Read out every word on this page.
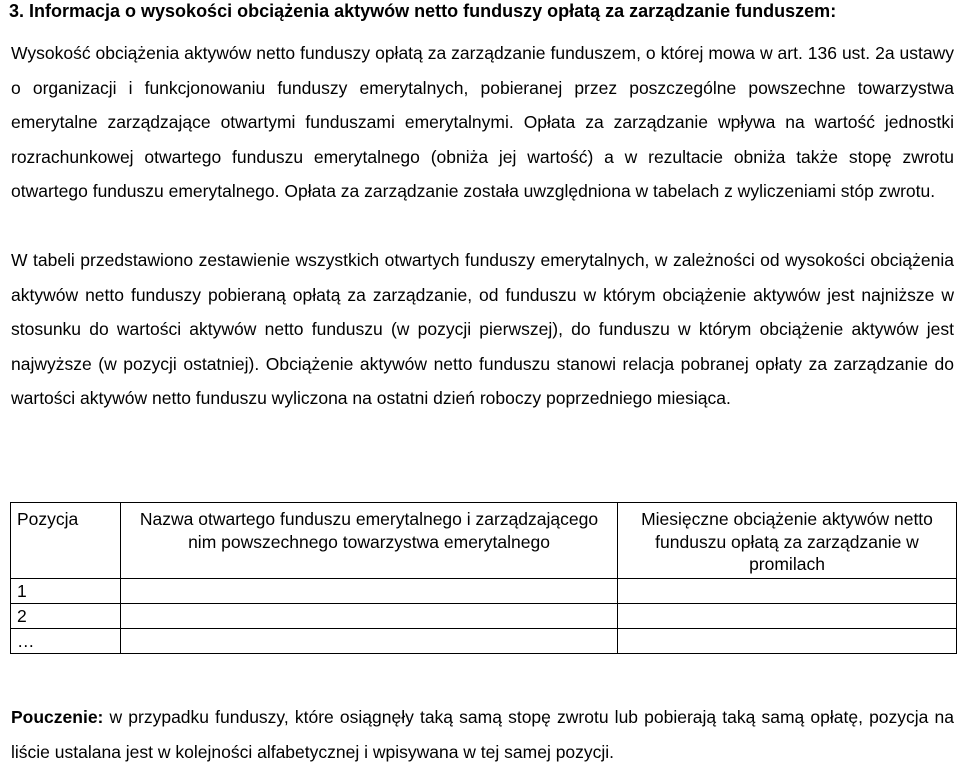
3. Informacja o wysokości obciążenia aktywów netto funduszy opłatą za zarządzanie funduszem:
Wysokość obciążenia aktywów netto funduszy opłatą za zarządzanie funduszem, o której mowa w art. 136 ust. 2a ustawy o organizacji i funkcjonowaniu funduszy emerytalnych, pobieranej przez poszczególne powszechne towarzystwa emerytalne zarządzające otwartymi funduszami emerytalnymi. Opłata za zarządzanie wpływa na wartość jednostki rozrachunkowej otwartego funduszu emerytalnego (obniża jej wartość) a w rezultacie obniża także stopę zwrotu otwartego funduszu emerytalnego. Opłata za zarządzanie została uwzględniona w tabelach z wyliczeniami stóp zwrotu.
W tabeli przedstawiono zestawienie wszystkich otwartych funduszy emerytalnych, w zależności od wysokości obciążenia aktywów netto funduszy pobieraną opłatą za zarządzanie, od funduszu w którym obciążenie aktywów jest najniższe w stosunku do wartości aktywów netto funduszu (w pozycji pierwszej), do funduszu w którym obciążenie aktywów jest najwyższe (w pozycji ostatniej). Obciążenie aktywów netto funduszu stanowi relacja pobranej opłaty za zarządzanie do wartości aktywów netto funduszu wyliczona na ostatni dzień roboczy poprzedniego miesiąca.
Pozycja	Nazwa otwartego funduszu emerytalnego i zarządzającego nim powszechnego towarzystwa emerytalnego	Miesięczne obciążenie aktywów netto funduszu opłatą za zarządzanie w promilach
1		
2		
…		
Pouczenie: w przypadku funduszy, które osiągnęły taką samą stopę zwrotu lub pobierają taką samą opłatę, pozycja na liście ustalana jest w kolejności alfabetycznej i wpisywana w tej samej pozycji.
